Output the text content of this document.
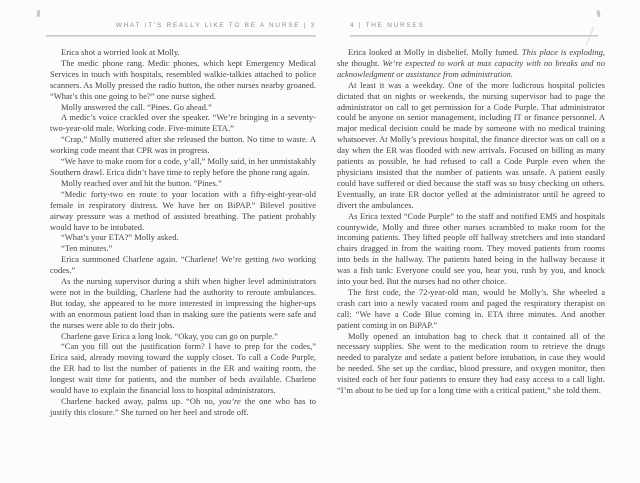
WHAT IT’S REALLY LIKE TO BE A NURSE | 3

Erica shot a worried look at Molly.

The medic phone rang. Medic phones, which kept Emergency Medical Services in touch with hospitals, resembled walkie-talkies attached to police scanners. As Molly pressed the radio button, the other nurses nearby groaned. “What’s this one going to be?” one nurse sighed.

Molly answered the call. “Pines. Go ahead.”

A medic’s voice crackled over the speaker. “We’re bringing in a seventy-two-year-old male. Working code. Five-minute ETA.”

“Crap,” Molly muttered after she released the button. No time to waste. A working code meant that CPR was in progress.

“We have to make room for a code, y’all,” Molly said, in her unmistakably Southern drawl. Erica didn’t have time to reply before the phone rang again.

Molly reached over and hit the button. “Pines.”

“Medic forty-two en route to your location with a fifty-eight-year-old female in respiratory distress. We have her on BiPAP.” Bilevel positive airway pressure was a method of assisted breathing. The patient probably would have to be intubated.

“What’s your ETA?” Molly asked.

“Ten minutes.”

Erica summoned Charlene again. “Charlene! We’re getting two working codes.”

As the nursing supervisor during a shift when higher level administrators were not in the building, Charlene had the authority to reroute ambulances. But today, she appeared to be more interested in impressing the higher-ups with an enormous patient load than in making sure the patients were safe and the nurses were able to do their jobs.

Charlene gave Erica a long look. “Okay, you can go on purple.”

“Can you fill out the justification form? I have to prep for the codes,” Erica said, already moving toward the supply closet. To call a Code Purple, the ER had to list the number of patients in the ER and waiting room, the longest wait time for patients, and the number of beds available. Charlene would have to explain the financial loss to hospital administrators.

Charlene backed away, palms up. “Oh no, you’re the one who has to justify this closure.” She turned on her heel and strode off.

4 | THE NURSES

Erica looked at Molly in disbelief. Molly fumed. This place is exploding, she thought. We’re expected to work at max capacity with no breaks and no acknowledgment or assistance from administration.

At least it was a weekday. One of the more ludicrous hospital policies dictated that on nights or weekends, the nursing supervisor had to page the administrator on call to get permission for a Code Purple. That administrator could be anyone on senior management, including IT or finance personnel. A major medical decision could be made by someone with no medical training whatsoever. At Molly’s previous hospital, the finance director was on call on a day when the ER was flooded with new arrivals. Focused on billing as many patients as possible, he had refused to call a Code Purple even when the physicians insisted that the number of patients was unsafe. A patient easily could have suffered or died because the staff was so busy checking on others. Eventually, an irate ER doctor yelled at the administrator until he agreed to divert the ambulances.

As Erica texted “Code Purple” to the staff and notified EMS and hospitals countywide, Molly and three other nurses scrambled to make room for the incoming patients. They lifted people off hallway stretchers and into standard chairs dragged in from the waiting room. They moved patients from rooms into beds in the hallway. The patients hated being in the hallway because it was a fish tank: Everyone could see you, hear you, rush by you, and knock into your bed. But the nurses had no other choice.

The first code, the 72-year-old man, would be Molly’s. She wheeled a crash cart into a newly vacated room and paged the respiratory therapist on call: “We have a Code Blue coming in. ETA three minutes. And another patient coming in on BiPAP.”

Molly opened an intubation bag to check that it contained all of the necessary supplies. She went to the medication room to retrieve the drugs needed to paralyze and sedate a patient before intubation, in case they would be needed. She set up the cardiac, blood pressure, and oxygen monitor, then visited each of her four patients to ensure they had easy access to a call light. “I’m about to be tied up for a long time with a critical patient,” she told them.
